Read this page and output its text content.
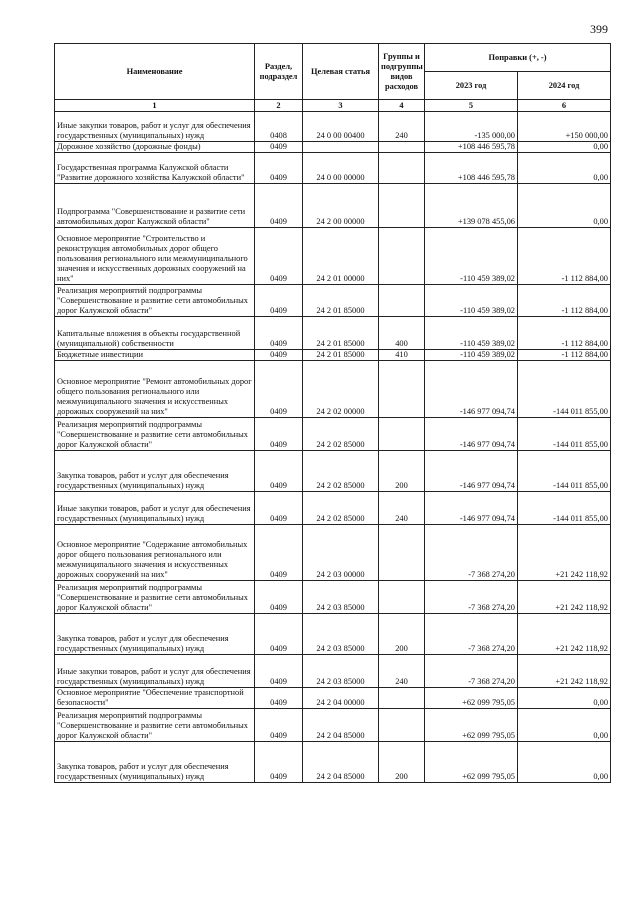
399
Наименование	Раздел, подраздел	Целевая статья	Группы и подгруппы видов расходов	Поправки (+, -)	
				2023 год	2024 год
1	2	3	4	5	6
Иные закупки товаров, работ и услуг для обеспечения государственных (муниципальных) нужд	0408	24 0 00 00400	240	-135 000,00	+150 000,00
Дорожное хозяйство (дорожные фонды)	0409			+108 446 595,78	0,00
Государственная программа Калужской области "Развитие дорожного хозяйства Калужской области"	0409	24 0 00 00000		+108 446 595,78	0,00
Подпрограмма "Совершенствование и развитие сети автомобильных дорог Калужской области"	0409	24 2 00 00000		+139 078 455,06	0,00
Основное мероприятие "Строительство и реконструкция автомобильных дорог общего пользования регионального или межмуниципального значения и искусственных дорожных сооружений на них"	0409	24 2 01 00000		-110 459 389,02	-1 112 884,00
Реализация мероприятий подпрограммы "Совершенствование и развитие сети автомобильных дорог Калужской области"	0409	24 2 01 85000		-110 459 389,02	-1 112 884,00
Капитальные вложения в объекты государственной (муниципальной) собственности	0409	24 2 01 85000	400	-110 459 389,02	-1 112 884,00
Бюджетные инвестиции	0409	24 2 01 85000	410	-110 459 389,02	-1 112 884,00
Основное мероприятие "Ремонт автомобильных дорог общего пользования регионального или межмуниципального значения и искусственных дорожных сооружений на них"	0409	24 2 02 00000		-146 977 094,74	-144 011 855,00
Реализация мероприятий подпрограммы "Совершенствование и развитие сети автомобильных дорог Калужской области"	0409	24 2 02 85000		-146 977 094,74	-144 011 855,00
Закупка товаров, работ и услуг для обеспечения государственных (муниципальных) нужд	0409	24 2 02 85000	200	-146 977 094,74	-144 011 855,00
Иные закупки товаров, работ и услуг для обеспечения государственных (муниципальных) нужд	0409	24 2 02 85000	240	-146 977 094,74	-144 011 855,00
Основное мероприятие "Содержание автомобильных дорог общего пользования регионального или межмуниципального значения и искусственных дорожных сооружений на них"	0409	24 2 03 00000		-7 368 274,20	+21 242 118,92
Реализация мероприятий подпрограммы "Совершенствование и развитие сети автомобильных дорог Калужской области"	0409	24 2 03 85000		-7 368 274,20	+21 242 118,92
Закупка товаров, работ и услуг для обеспечения государственных (муниципальных) нужд	0409	24 2 03 85000	200	-7 368 274,20	+21 242 118,92
Иные закупки товаров, работ и услуг для обеспечения государственных (муниципальных) нужд	0409	24 2 03 85000	240	-7 368 274,20	+21 242 118,92
Основное мероприятие "Обеспечение транспортной безопасности"	0409	24 2 04 00000		+62 099 795,05	0,00
Реализация мероприятий подпрограммы "Совершенствование и развитие сети автомобильных дорог Калужской области"	0409	24 2 04 85000		+62 099 795,05	0,00
Закупка товаров, работ и услуг для обеспечения государственных (муниципальных) нужд	0409	24 2 04 85000	200	+62 099 795,05	0,00
